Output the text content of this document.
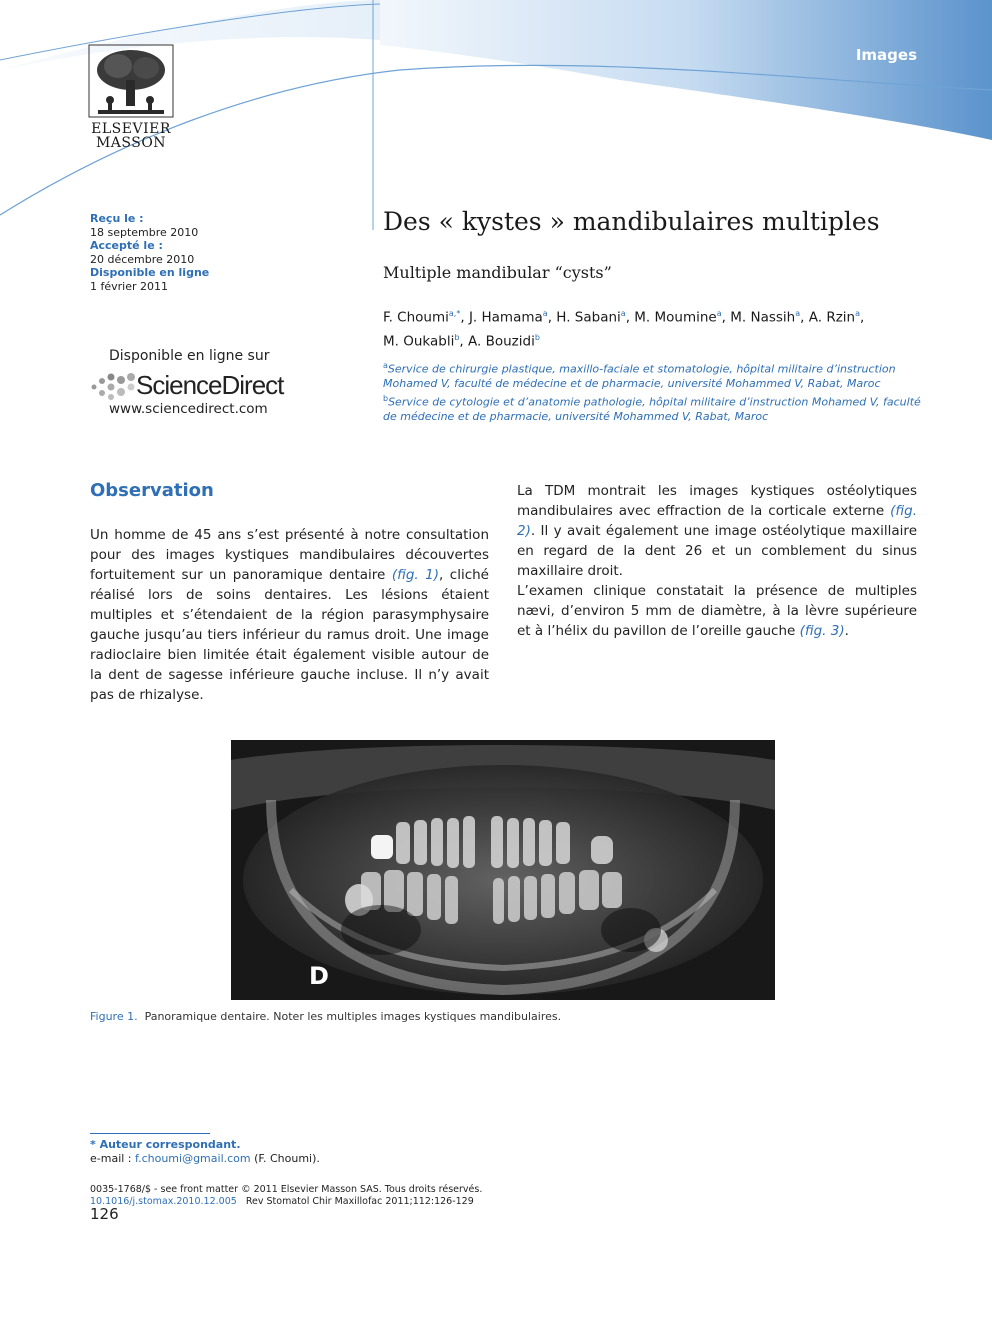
Images
ELSEVIER
MASSON
Reçu le :
18 septembre 2010
Accepté le :
20 décembre 2010
Disponible en ligne
1 février 2011
Disponible en ligne sur
ScienceDirect
www.sciencedirect.com
Des « kystes » mandibulaires multiples
Multiple mandibular “cysts”
F. Choumi$^{a,*}$, J. Hamama$^a$, H. Sabani$^a$, M. Moumine$^a$, M. Nassih$^a$, A. Rzin$^a$,
M. Oukabli$^b$, A. Bouzidi$^b$
$^a$Service de chirurgie plastique, maxillo-faciale et stomatologie, hôpital militaire d’instruction Mohamed V, faculté de médecine et de pharmacie, université Mohammed V, Rabat, Maroc
$^b$Service de cytologie et d’anatomie pathologie, hôpital militaire d’instruction Mohamed V, faculté de médecine et de pharmacie, université Mohammed V, Rabat, Maroc
Observation
Un homme de 45 ans s’est présenté à notre consultation pour des images kystiques mandibulaires découvertes fortuitement sur un panoramique dentaire (fig. 1), cliché réalisé lors de soins dentaires. Les lésions étaient multiples et s’étendaient de la région parasymphysaire gauche jusqu’au tiers inférieur du ramus droit. Une image radioclaire bien limitée était également visible autour de la dent de sagesse inférieure gauche incluse. Il n’y avait pas de rhizalyse.
La TDM montrait les images kystiques ostéolytiques mandibulaires avec effraction de la corticale externe (fig. 2). Il y avait également une image ostéolytique maxillaire en regard de la dent 26 et un comblement du sinus maxillaire droit.
L’examen clinique constatait la présence de multiples nævi, d’environ 5 mm de diamètre, à la lèvre supérieure et à l’hélix du pavillon de l’oreille gauche (fig. 3).
D
Figure 1. Panoramique dentaire. Noter les multiples images kystiques mandibulaires.
* Auteur correspondant.
e-mail : f.choumi@gmail.com (F. Choumi).
0035-1768/$ - see front matter © 2011 Elsevier Masson SAS. Tous droits réservés.
10.1016/j.stomax.2010.12.005 Rev Stomatol Chir Maxillofac 2011;112:126-129
126
